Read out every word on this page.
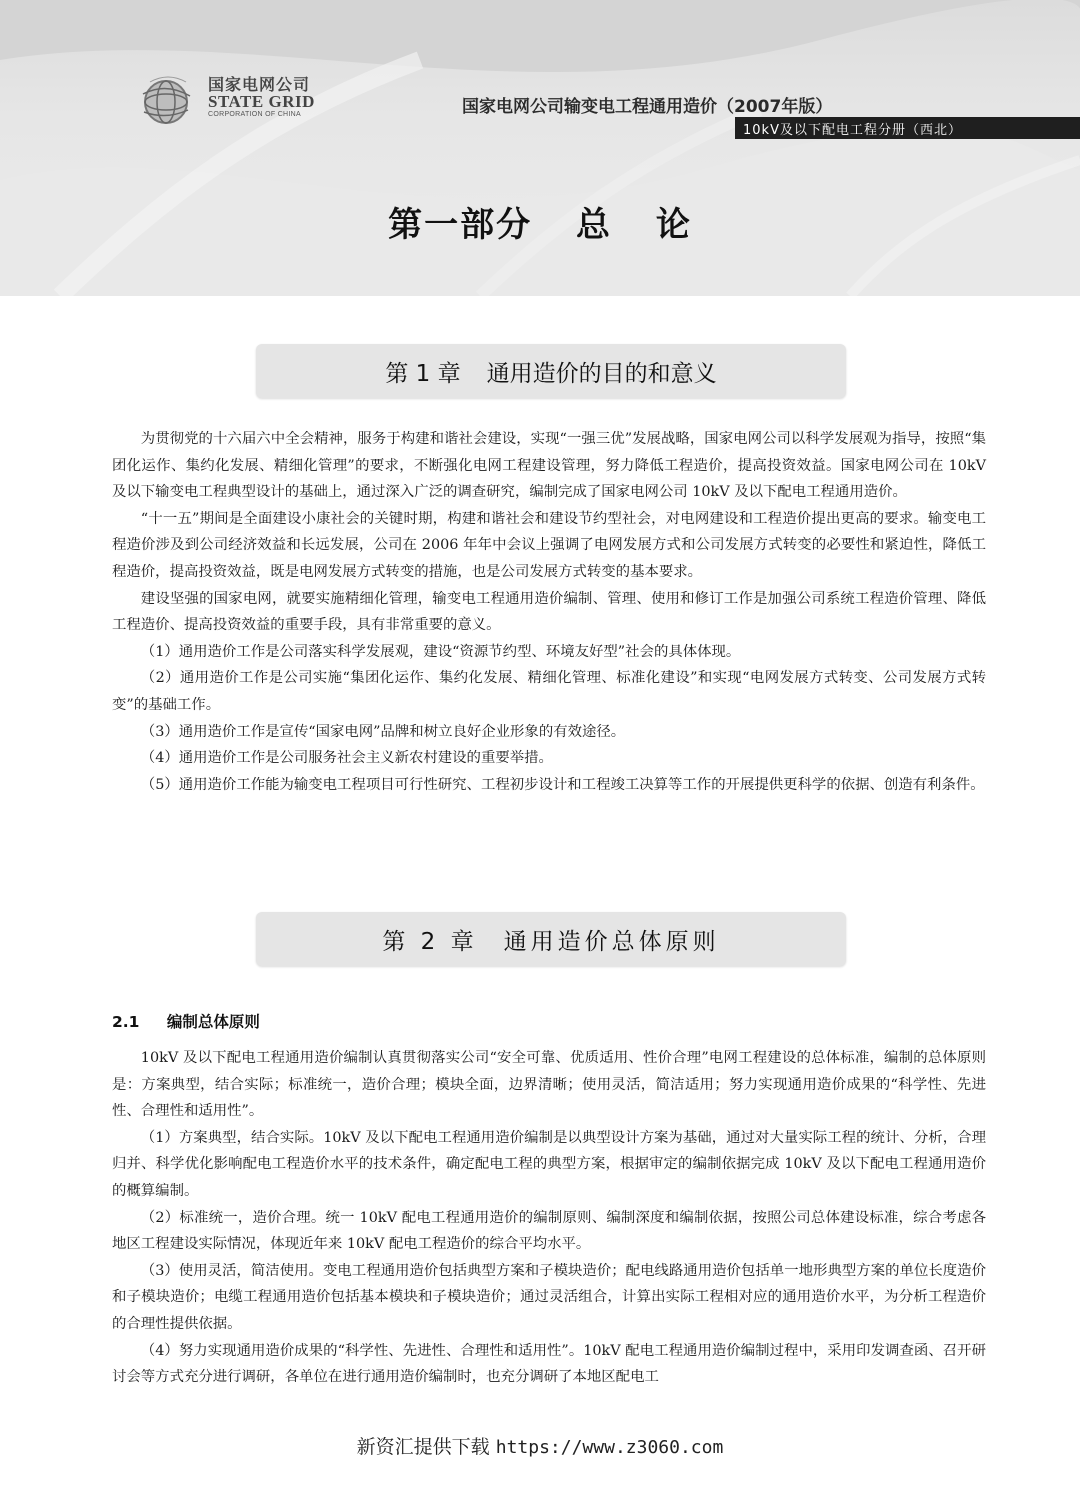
国家电网公司
STATE GRID
CORPORATION OF CHINA	国家电网公司输变电工程通用造价（2007年版）
10kV及以下配电工程分册（西北）
第一部分 总 论
第 1 章 通用造价的目的和意义

为贯彻党的十六届六中全会精神，服务于构建和谐社会建设，实现“一强三优”发展战略，国家电网公司以科学发展观为指导，按照“集团化运作、集约化发展、精细化管理”的要求，不断强化电网工程建设管理，努力降低工程造价，提高投资效益。国家电网公司在 10kV 及以下输变电工程典型设计的基础上，通过深入广泛的调查研究，编制完成了国家电网公司 10kV 及以下配电工程通用造价。

“十一五”期间是全面建设小康社会的关键时期，构建和谐社会和建设节约型社会，对电网建设和工程造价提出更高的要求。输变电工程造价涉及到公司经济效益和长远发展，公司在 2006 年年中会议上强调了电网发展方式和公司发展方式转变的必要性和紧迫性，降低工程造价，提高投资效益，既是电网发展方式转变的措施，也是公司发展方式转变的基本要求。

建设坚强的国家电网，就要实施精细化管理，输变电工程通用造价编制、管理、使用和修订工作是加强公司系统工程造价管理、降低工程造价、提高投资效益的重要手段，具有非常重要的意义。

（1）通用造价工作是公司落实科学发展观，建设“资源节约型、环境友好型”社会的具体体现。

（2）通用造价工作是公司实施“集团化运作、集约化发展、精细化管理、标准化建设”和实现“电网发展方式转变、公司发展方式转变”的基础工作。

（3）通用造价工作是宣传“国家电网”品牌和树立良好企业形象的有效途径。

（4）通用造价工作是公司服务社会主义新农村建设的重要举措。

（5）通用造价工作能为输变电工程项目可行性研究、工程初步设计和工程竣工决算等工作的开展提供更科学的依据、创造有利条件。

第 2 章 通用造价总体原则
2.1 编制总体原则

10kV 及以下配电工程通用造价编制认真贯彻落实公司“安全可靠、优质适用、性价合理”电网工程建设的总体标准，编制的总体原则是：方案典型，结合实际；标准统一，造价合理；模块全面，边界清晰；使用灵活，简洁适用；努力实现通用造价成果的“科学性、先进性、合理性和适用性”。

（1）方案典型，结合实际。10kV 及以下配电工程通用造价编制是以典型设计方案为基础，通过对大量实际工程的统计、分析，合理归并、科学优化影响配电工程造价水平的技术条件，确定配电工程的典型方案，根据审定的编制依据完成 10kV 及以下配电工程通用造价的概算编制。

（2）标准统一，造价合理。统一 10kV 配电工程通用造价的编制原则、编制深度和编制依据，按照公司总体建设标准，综合考虑各地区工程建设实际情况，体现近年来 10kV 配电工程造价的综合平均水平。

（3）使用灵活，简洁使用。变电工程通用造价包括典型方案和子模块造价；配电线路通用造价包括单一地形典型方案的单位长度造价和子模块造价；电缆工程通用造价包括基本模块和子模块造价；通过灵活组合，计算出实际工程相对应的通用造价水平，为分析工程造价的合理性提供依据。

（4）努力实现通用造价成果的“科学性、先进性、合理性和适用性”。10kV 配电工程通用造价编制过程中，采用印发调查函、召开研讨会等方式充分进行调研，各单位在进行通用造价编制时，也充分调研了本地区配电工

新资汇提供下载 https://www.z3060.com
